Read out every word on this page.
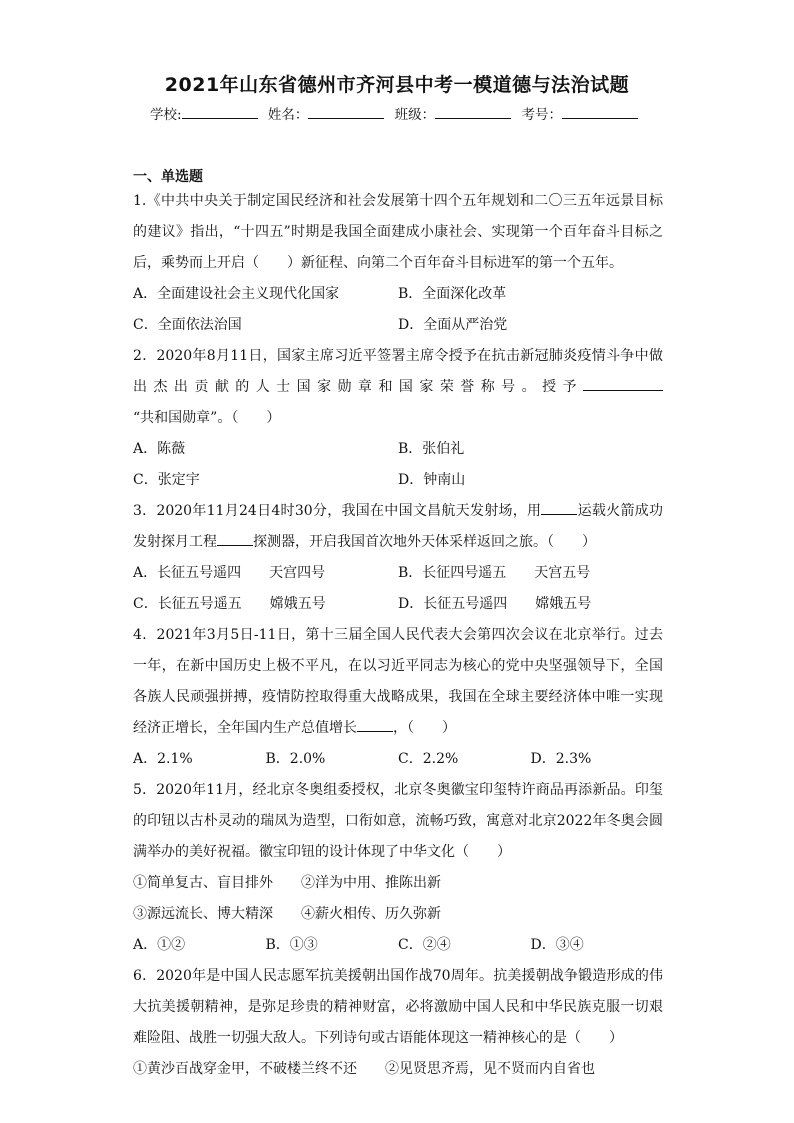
2021年山东省德州市齐河县中考一模道德与法治试题
学校:	姓名：	班级：	考号：
一、单选题
1.《中共中央关于制定国民经济和社会发展第十四个五年规划和二〇三五年远景目标的建议》指出，“十四五”时期是我国全面建成小康社会、实现第一个百年奋斗目标之后，乘势而上开启（　　）新征程、向第二个百年奋斗目标进军的第一个五年。
A．全面建设社会主义现代化国家	B．全面深化改革
C．全面依法治国	D．全面从严治党
2．2020年8月11日，国家主席习近平签署主席令授予在抗击新冠肺炎疫情斗争中做出杰出贡献的人士国家勋章和国家荣誉称号。授予“共和国勋章”。（　　）
A．陈薇	B．张伯礼
C．张定宇	D．钟南山
3．2020年11月24日4时30分，我国在中国文昌航天发射场，用	运载火箭成功发射探月工程	探测器，开启我国首次地外天体采样返回之旅。（　　）
A．长征五号遥四　　天宫四号	B．长征四号遥五　　天宫五号
C．长征五号遥五　　嫦娥五号	D．长征五号遥四　　嫦娥五号
4．2021年3月5日-11日，第十三届全国人民代表大会第四次会议在北京举行。过去一年，在新中国历史上极不平凡，在以习近平同志为核心的党中央坚强领导下，全国各族人民顽强拼搏，疫情防控取得重大战略成果，我国在全球主要经济体中唯一实现经济正增长，全年国内生产总值增长	，（　　）
A．2.1%	B．2.0%	C．2.2%	D．2.3%
5．2020年11月，经北京冬奥组委授权，北京冬奥徽宝印玺特许商品再添新品。印玺的印钮以古朴灵动的瑞凤为造型，口衔如意，流畅巧致，寓意对北京2022年冬奥会圆满举办的美好祝福。徽宝印钮的设计体现了中华文化（　　）
①简单复古、盲目排外　　②洋为中用、推陈出新
③源远流长、博大精深　　④薪火相传、历久弥新
A．①②	B．①③	C．②④	D．③④
6．2020年是中国人民志愿军抗美援朝出国作战70周年。抗美援朝战争锻造形成的伟大抗美援朝精神，是弥足珍贵的精神财富，必将激励中国人民和中华民族克服一切艰难险阻、战胜一切强大敌人。下列诗句或古语能体现这一精神核心的是（　　）
①黄沙百战穿金甲，不破楼兰终不还　　②见贤思齐焉，见不贤而内自省也
